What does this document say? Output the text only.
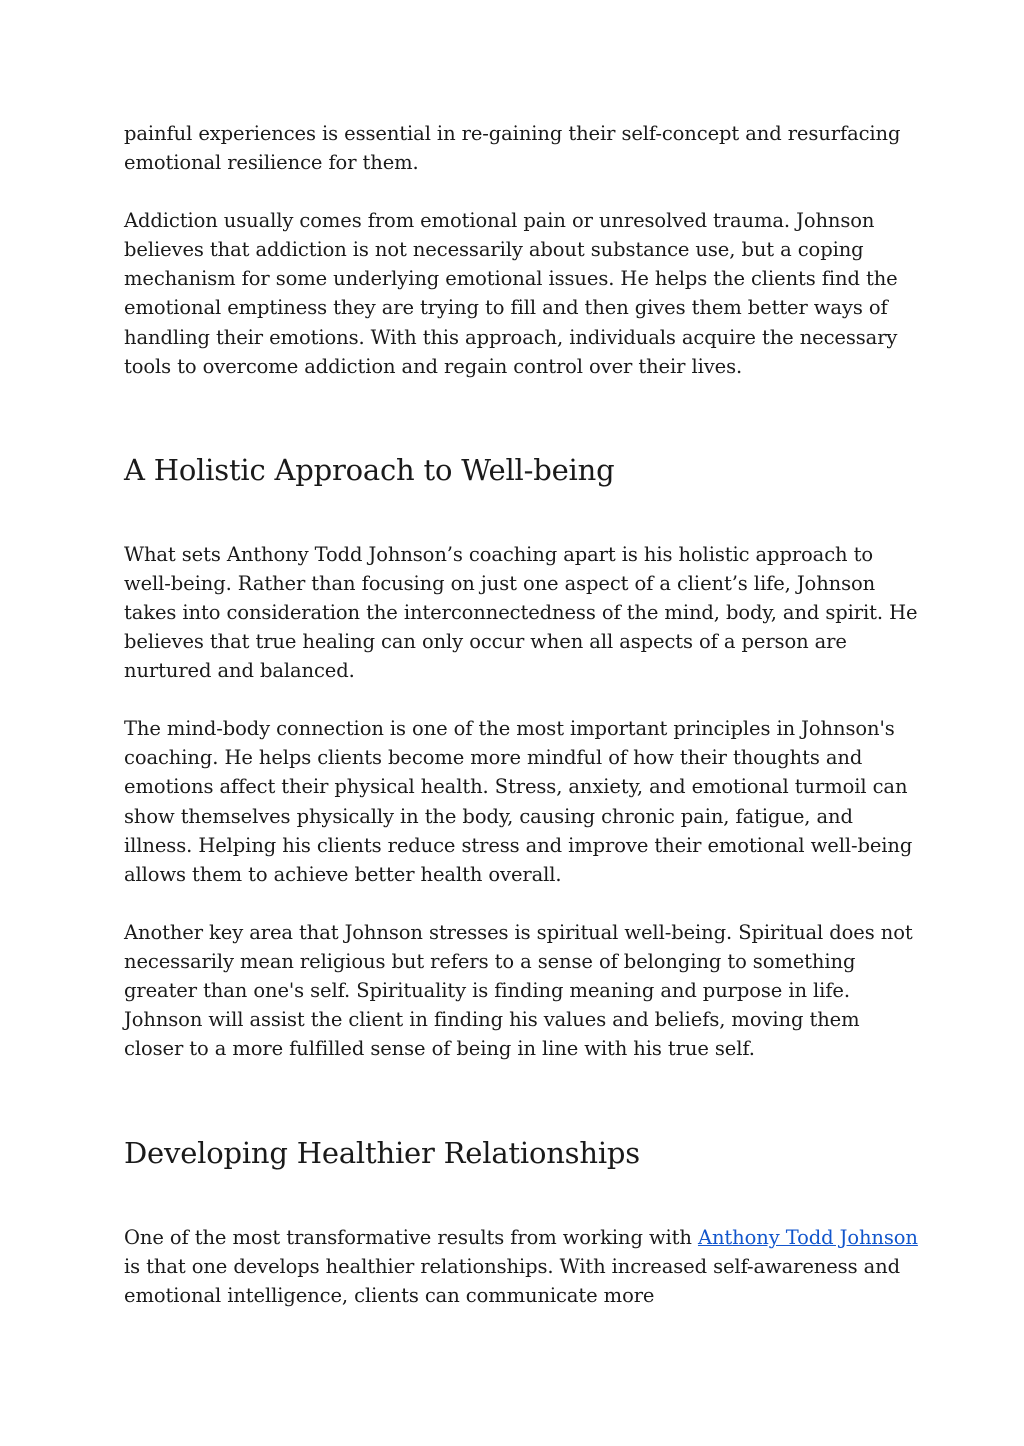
painful experiences is essential in re-gaining their self-concept and resurfacing emotional resilience for them.

Addiction usually comes from emotional pain or unresolved trauma. Johnson believes that addiction is not necessarily about substance use, but a coping mechanism for some underlying emotional issues. He helps the clients find the emotional emptiness they are trying to fill and then gives them better ways of handling their emotions. With this approach, individuals acquire the necessary tools to overcome addiction and regain control over their lives.

A Holistic Approach to Well-being

What sets Anthony Todd Johnson’s coaching apart is his holistic approach to well-being. Rather than focusing on just one aspect of a client’s life, Johnson takes into consideration the interconnectedness of the mind, body, and spirit. He believes that true healing can only occur when all aspects of a person are nurtured and balanced.

The mind-body connection is one of the most important principles in Johnson's coaching. He helps clients become more mindful of how their thoughts and emotions affect their physical health. Stress, anxiety, and emotional turmoil can show themselves physically in the body, causing chronic pain, fatigue, and illness. Helping his clients reduce stress and improve their emotional well-being allows them to achieve better health overall.

Another key area that Johnson stresses is spiritual well-being. Spiritual does not necessarily mean religious but refers to a sense of belonging to something greater than one's self. Spirituality is finding meaning and purpose in life. Johnson will assist the client in finding his values and beliefs, moving them closer to a more fulfilled sense of being in line with his true self.

Developing Healthier Relationships

One of the most transformative results from working with Anthony Todd Johnson is that one develops healthier relationships. With increased self-awareness and emotional intelligence, clients can communicate more
